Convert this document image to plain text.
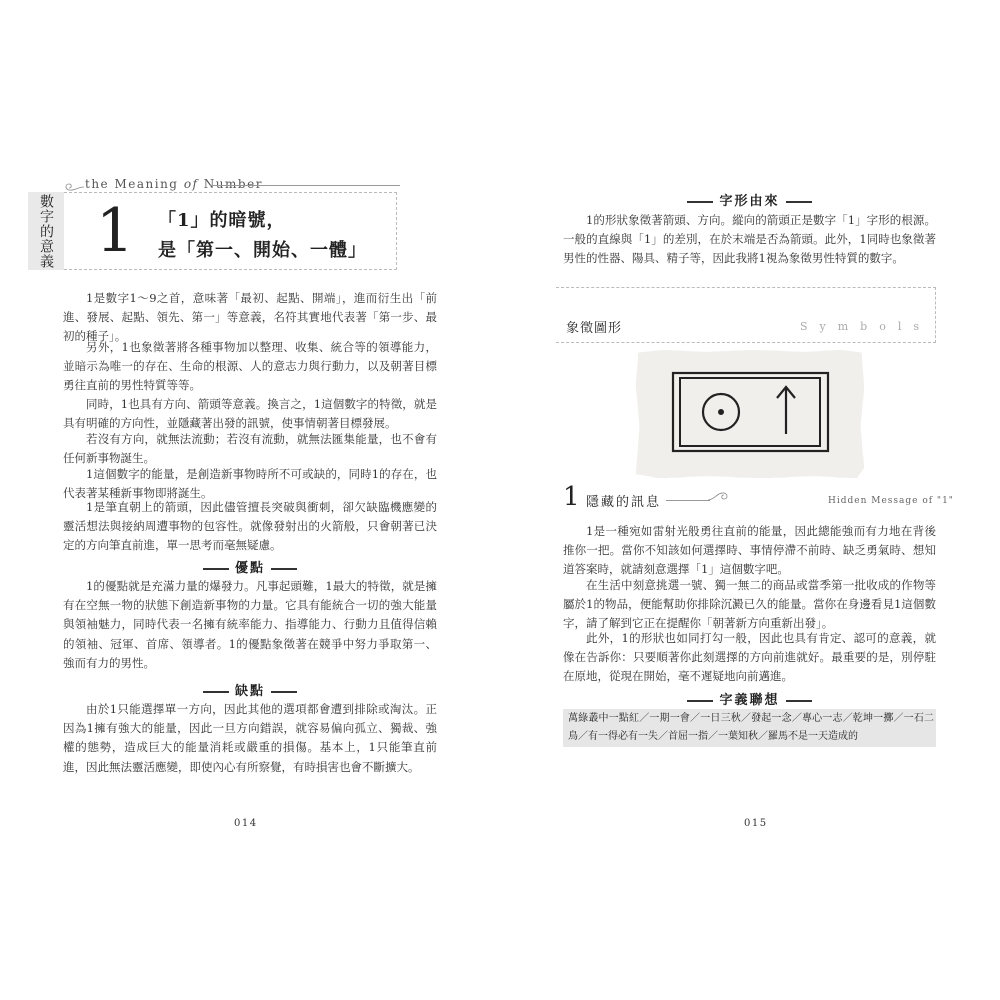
the Meaning of Number
數字的意義 1	「1」的暗號，
是「第一、開始、一體」

1是數字1〜9之首，意味著「最初、起點、開端」，進而衍生出「前進、發展、起點、領先、第一」等意義，名符其實地代表著「第一步、最初的種子」。

另外，1也象徵著將各種事物加以整理、收集、統合等的領導能力，並暗示為唯一的存在、生命的根源、人的意志力與行動力，以及朝著目標勇往直前的男性特質等等。

同時，1也具有方向、箭頭等意義。換言之，1這個數字的特徵，就是具有明確的方向性，並隱藏著出發的訊號，使事情朝著目標發展。

若沒有方向，就無法流動；若沒有流動，就無法匯集能量，也不會有任何新事物誕生。

1這個數字的能量，是創造新事物時所不可或缺的，同時1的存在，也代表著某種新事物即將誕生。

1是筆直朝上的箭頭，因此儘管擅長突破與衝刺，卻欠缺臨機應變的靈活想法與接納周遭事物的包容性。就像發射出的火箭般，只會朝著已決定的方向筆直前進，單一思考而毫無疑慮。

優點

1的優點就是充滿力量的爆發力。凡事起頭難，1最大的特徵，就是擁有在空無一物的狀態下創造新事物的力量。它具有能統合一切的強大能量與領袖魅力，同時代表一名擁有統率能力、指導能力、行動力且值得信賴的領袖、冠軍、首席、領導者。1的優點象徵著在競爭中努力爭取第一、強而有力的男性。

缺點

由於1只能選擇單一方向，因此其他的選項都會遭到排除或淘汰。正因為1擁有強大的能量，因此一旦方向錯誤，就容易偏向孤立、獨裁、強權的態勢，造成巨大的能量消耗或嚴重的損傷。基本上，1只能筆直前進，因此無法靈活應變，即使內心有所察覺，有時損害也會不斷擴大。

014
字形由來

1的形狀象徵著箭頭、方向。縱向的箭頭正是數字「1」字形的根源。一般的直線與「1」的差別，在於末端是否為箭頭。此外，1同時也象徵著男性的性器、陽具、精子等，因此我將1視為象徵男性特質的數字。

象徵圖形	Symbols
1 隱藏的訊息	Hidden Message of "1"

1是一種宛如雷射光般勇往直前的能量，因此總能強而有力地在背後推你一把。當你不知該如何選擇時、事情停滯不前時、缺乏勇氣時、想知道答案時，就請刻意選擇「1」這個數字吧。

在生活中刻意挑選一號、獨一無二的商品或當季第一批收成的作物等屬於1的物品，便能幫助你排除沉澱已久的能量。當你在身邊看見1這個數字，請了解到它正在提醒你「朝著新方向重新出發」。

此外，1的形狀也如同打勾一般，因此也具有肯定、認可的意義，就像在告訴你：只要順著你此刻選擇的方向前進就好。最重要的是，別停駐在原地，從現在開始，毫不遲疑地向前邁進。

字義聯想

萬綠叢中一點紅／一期一會／一日三秋／發起一念／專心一志／乾坤一擲／一石二鳥／有一得必有一失／首屈一指／一葉知秋／羅馬不是一天造成的

015
